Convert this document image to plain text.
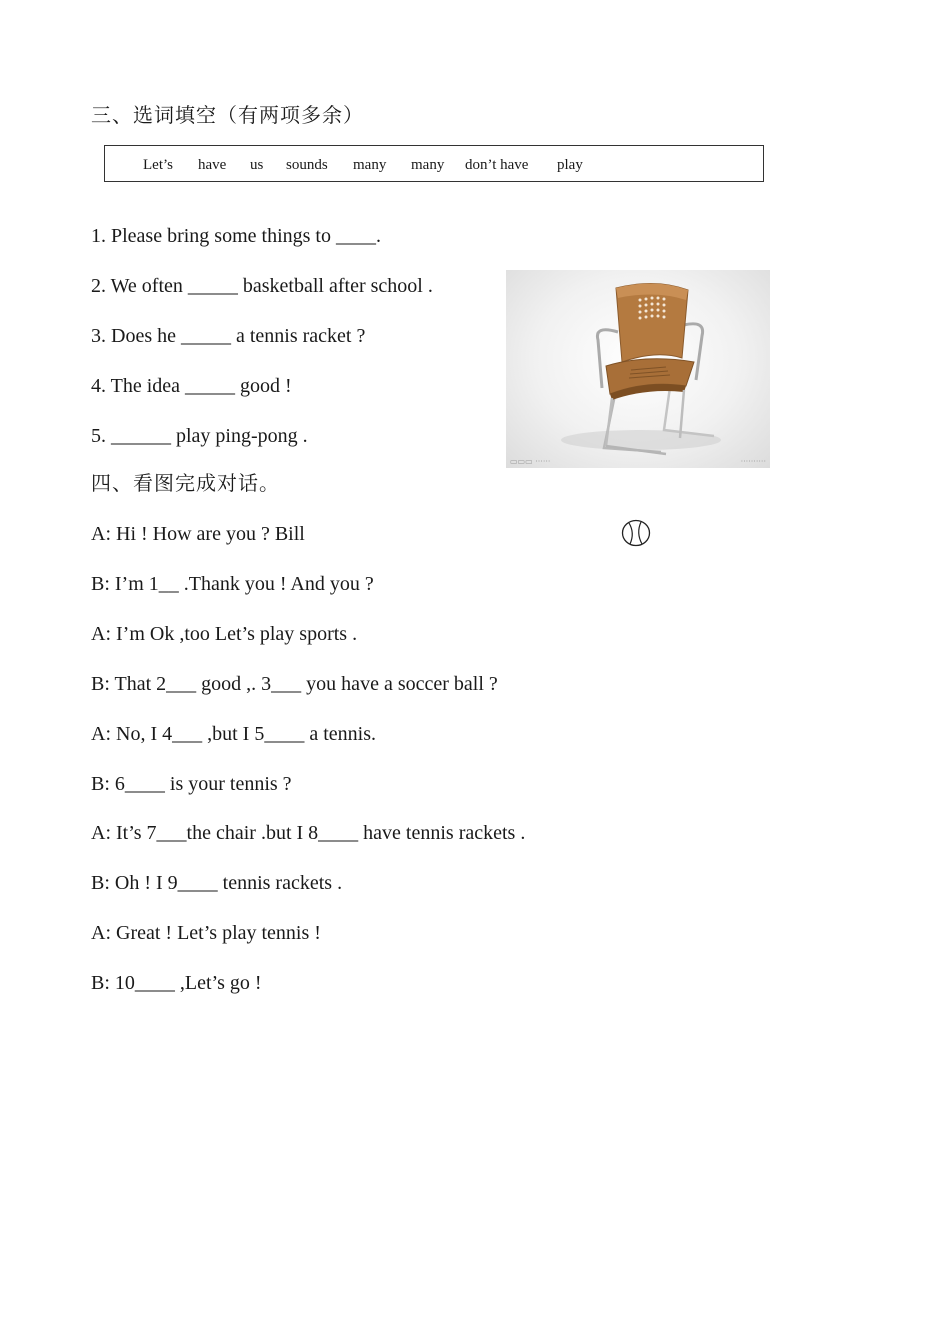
三、选词填空（有两项多余）
Let’s have us sounds many many don’t have play
1. Please bring some things to ____.
2. We often _____ basketball after school .
3. Does he _____ a tennis racket ?
4. The idea _____ good !
5. ______ play ping-pong .
▭▭▭ ······	··········
四、看图完成对话。
A: Hi ! How are you ? Bill
B: I’m 1__ .Thank you ! And you ?
A: I’m Ok ,too Let’s play sports .
B: That 2___ good ,. 3___ you have a soccer ball ?
A: No, I 4___ ,but I 5____ a tennis.
B: 6____ is your tennis ?
A: It’s 7___the chair .but I 8____ have tennis rackets .
B: Oh ! I 9____ tennis rackets .
A: Great ! Let’s play tennis !
B: 10____ ,Let’s go !
